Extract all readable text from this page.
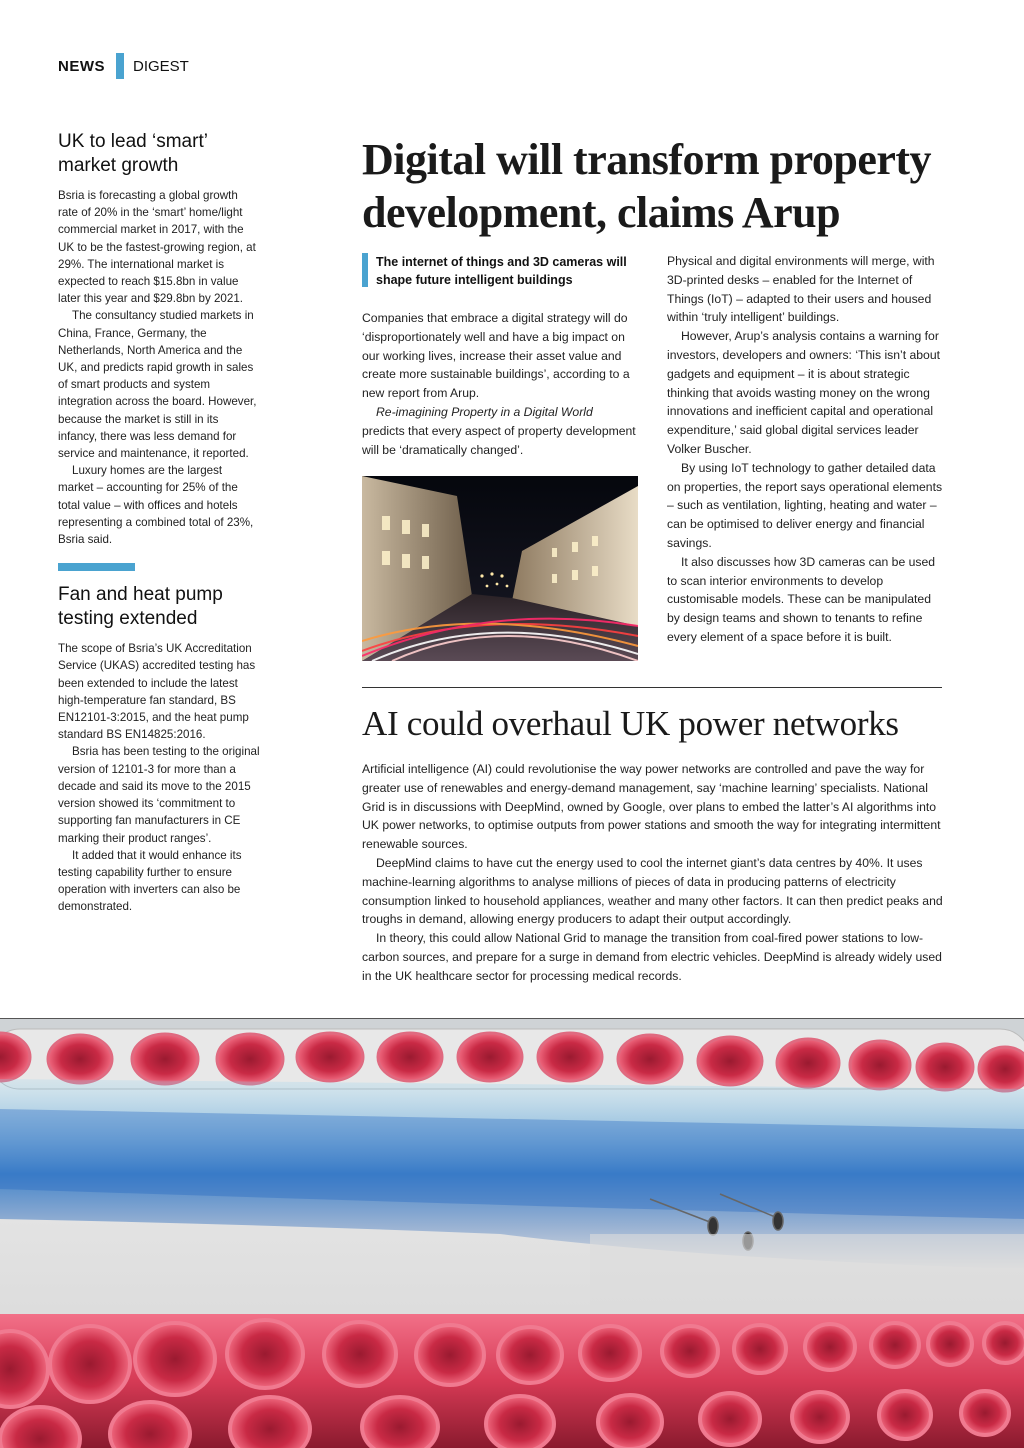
NEWS DIGEST
UK to lead ‘smart’ market growth

Bsria is forecasting a global growth rate of 20% in the ‘smart’ home/light commercial market in 2017, with the UK to be the fastest-growing region, at 29%. The international market is expected to reach $15.8bn in value later this year and $29.8bn by 2021.

The consultancy studied markets in China, France, Germany, the Netherlands, North America and the UK, and predicts rapid growth in sales of smart products and system integration across the board. However, because the market is still in its infancy, there was less demand for service and maintenance, it reported.

Luxury homes are the largest market – accounting for 25% of the total value – with offices and hotels representing a combined total of 23%, Bsria said.

Fan and heat pump testing extended

The scope of Bsria’s UK Accreditation Service (UKAS) accredited testing has been extended to include the latest high-temperature fan standard, BS EN12101-3:2015, and the heat pump standard BS EN14825:2016.

Bsria has been testing to the original version of 12101-3 for more than a decade and said its move to the 2015 version showed its ‘commitment to supporting fan manufacturers in CE marking their product ranges’.

It added that it would enhance its testing capability further to ensure operation with inverters can also be demonstrated.

Digital will transform property development, claims Arup

The internet of things and 3D cameras will shape future intelligent buildings

Companies that embrace a digital strategy will do ‘disproportionately well and have a big impact on our working lives, increase their asset value and create more sustainable buildings’, according to a new report from Arup.

Re-imagining Property in a Digital World predicts that every aspect of property development will be ‘dramatically changed’.

Physical and digital environments will merge, with 3D-printed desks – enabled for the Internet of Things (IoT) – adapted to their users and housed within ‘truly intelligent’ buildings.

However, Arup’s analysis contains a warning for investors, developers and owners: ‘This isn’t about gadgets and equipment – it is about strategic thinking that avoids wasting money on the wrong innovations and inefficient capital and operational expenditure,’ said global digital services leader Volker Buscher.

By using IoT technology to gather detailed data on properties, the report says operational elements – such as ventilation, lighting, heating and water – can be optimised to deliver energy and financial savings.

It also discusses how 3D cameras can be used to scan interior environments to develop customisable models. These can be manipulated by design teams and shown to tenants to refine every element of a space before it is built.

AI could overhaul UK power networks

Artificial intelligence (AI) could revolutionise the way power networks are controlled and pave the way for greater use of renewables and energy-demand management, say ‘machine learning’ specialists. National Grid is in discussions with DeepMind, owned by Google, over plans to embed the latter’s AI algorithms into UK power networks, to optimise outputs from power stations and smooth the way for integrating intermittent renewable sources.

DeepMind claims to have cut the energy used to cool the internet giant’s data centres by 40%. It uses machine-learning algorithms to analyse millions of pieces of data in producing patterns of electricity consumption linked to household appliances, weather and many other factors. It can then predict peaks and troughs in demand, allowing energy producers to adapt their output accordingly.

In theory, this could allow National Grid to manage the transition from coal-fired power stations to low-carbon sources, and prepare for a surge in demand from electric vehicles. DeepMind is already widely used in the UK healthcare sector for processing medical records.
